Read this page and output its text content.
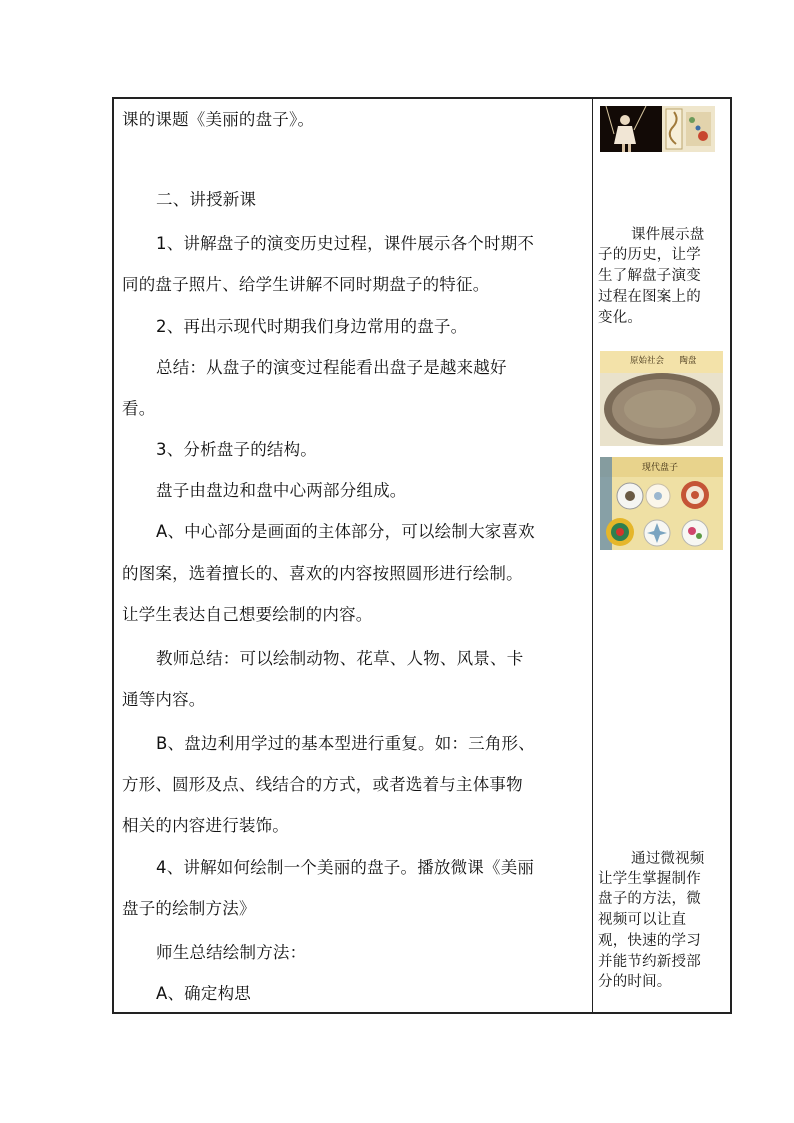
课的课题《美丽的盘子》。
二、讲授新课
1、讲解盘子的演变历史过程，课件展示各个时期不
同的盘子照片、给学生讲解不同时期盘子的特征。
2、再出示现代时期我们身边常用的盘子。
总结：从盘子的演变过程能看出盘子是越来越好
看。
3、分析盘子的结构。
盘子由盘边和盘中心两部分组成。
A、中心部分是画面的主体部分，可以绘制大家喜欢
的图案，选着擅长的、喜欢的内容按照圆形进行绘制。
让学生表达自己想要绘制的内容。
教师总结：可以绘制动物、花草、人物、风景、卡
通等内容。
B、盘边利用学过的基本型进行重复。如：三角形、
方形、圆形及点、线结合的方式，或者选着与主体事物
相关的内容进行装饰。
4、讲解如何绘制一个美丽的盘子。播放微课《美丽
盘子的绘制方法》
师生总结绘制方法：
A、确定构思
课件展示盘
子的历史，让学
生了解盘子演变
过程在图案上的
变化。
原始社会 陶盘
现代盘子
通过微视频
让学生掌握制作
盘子的方法，微
视频可以让直
观，快速的学习
并能节约新授部
分的时间。
